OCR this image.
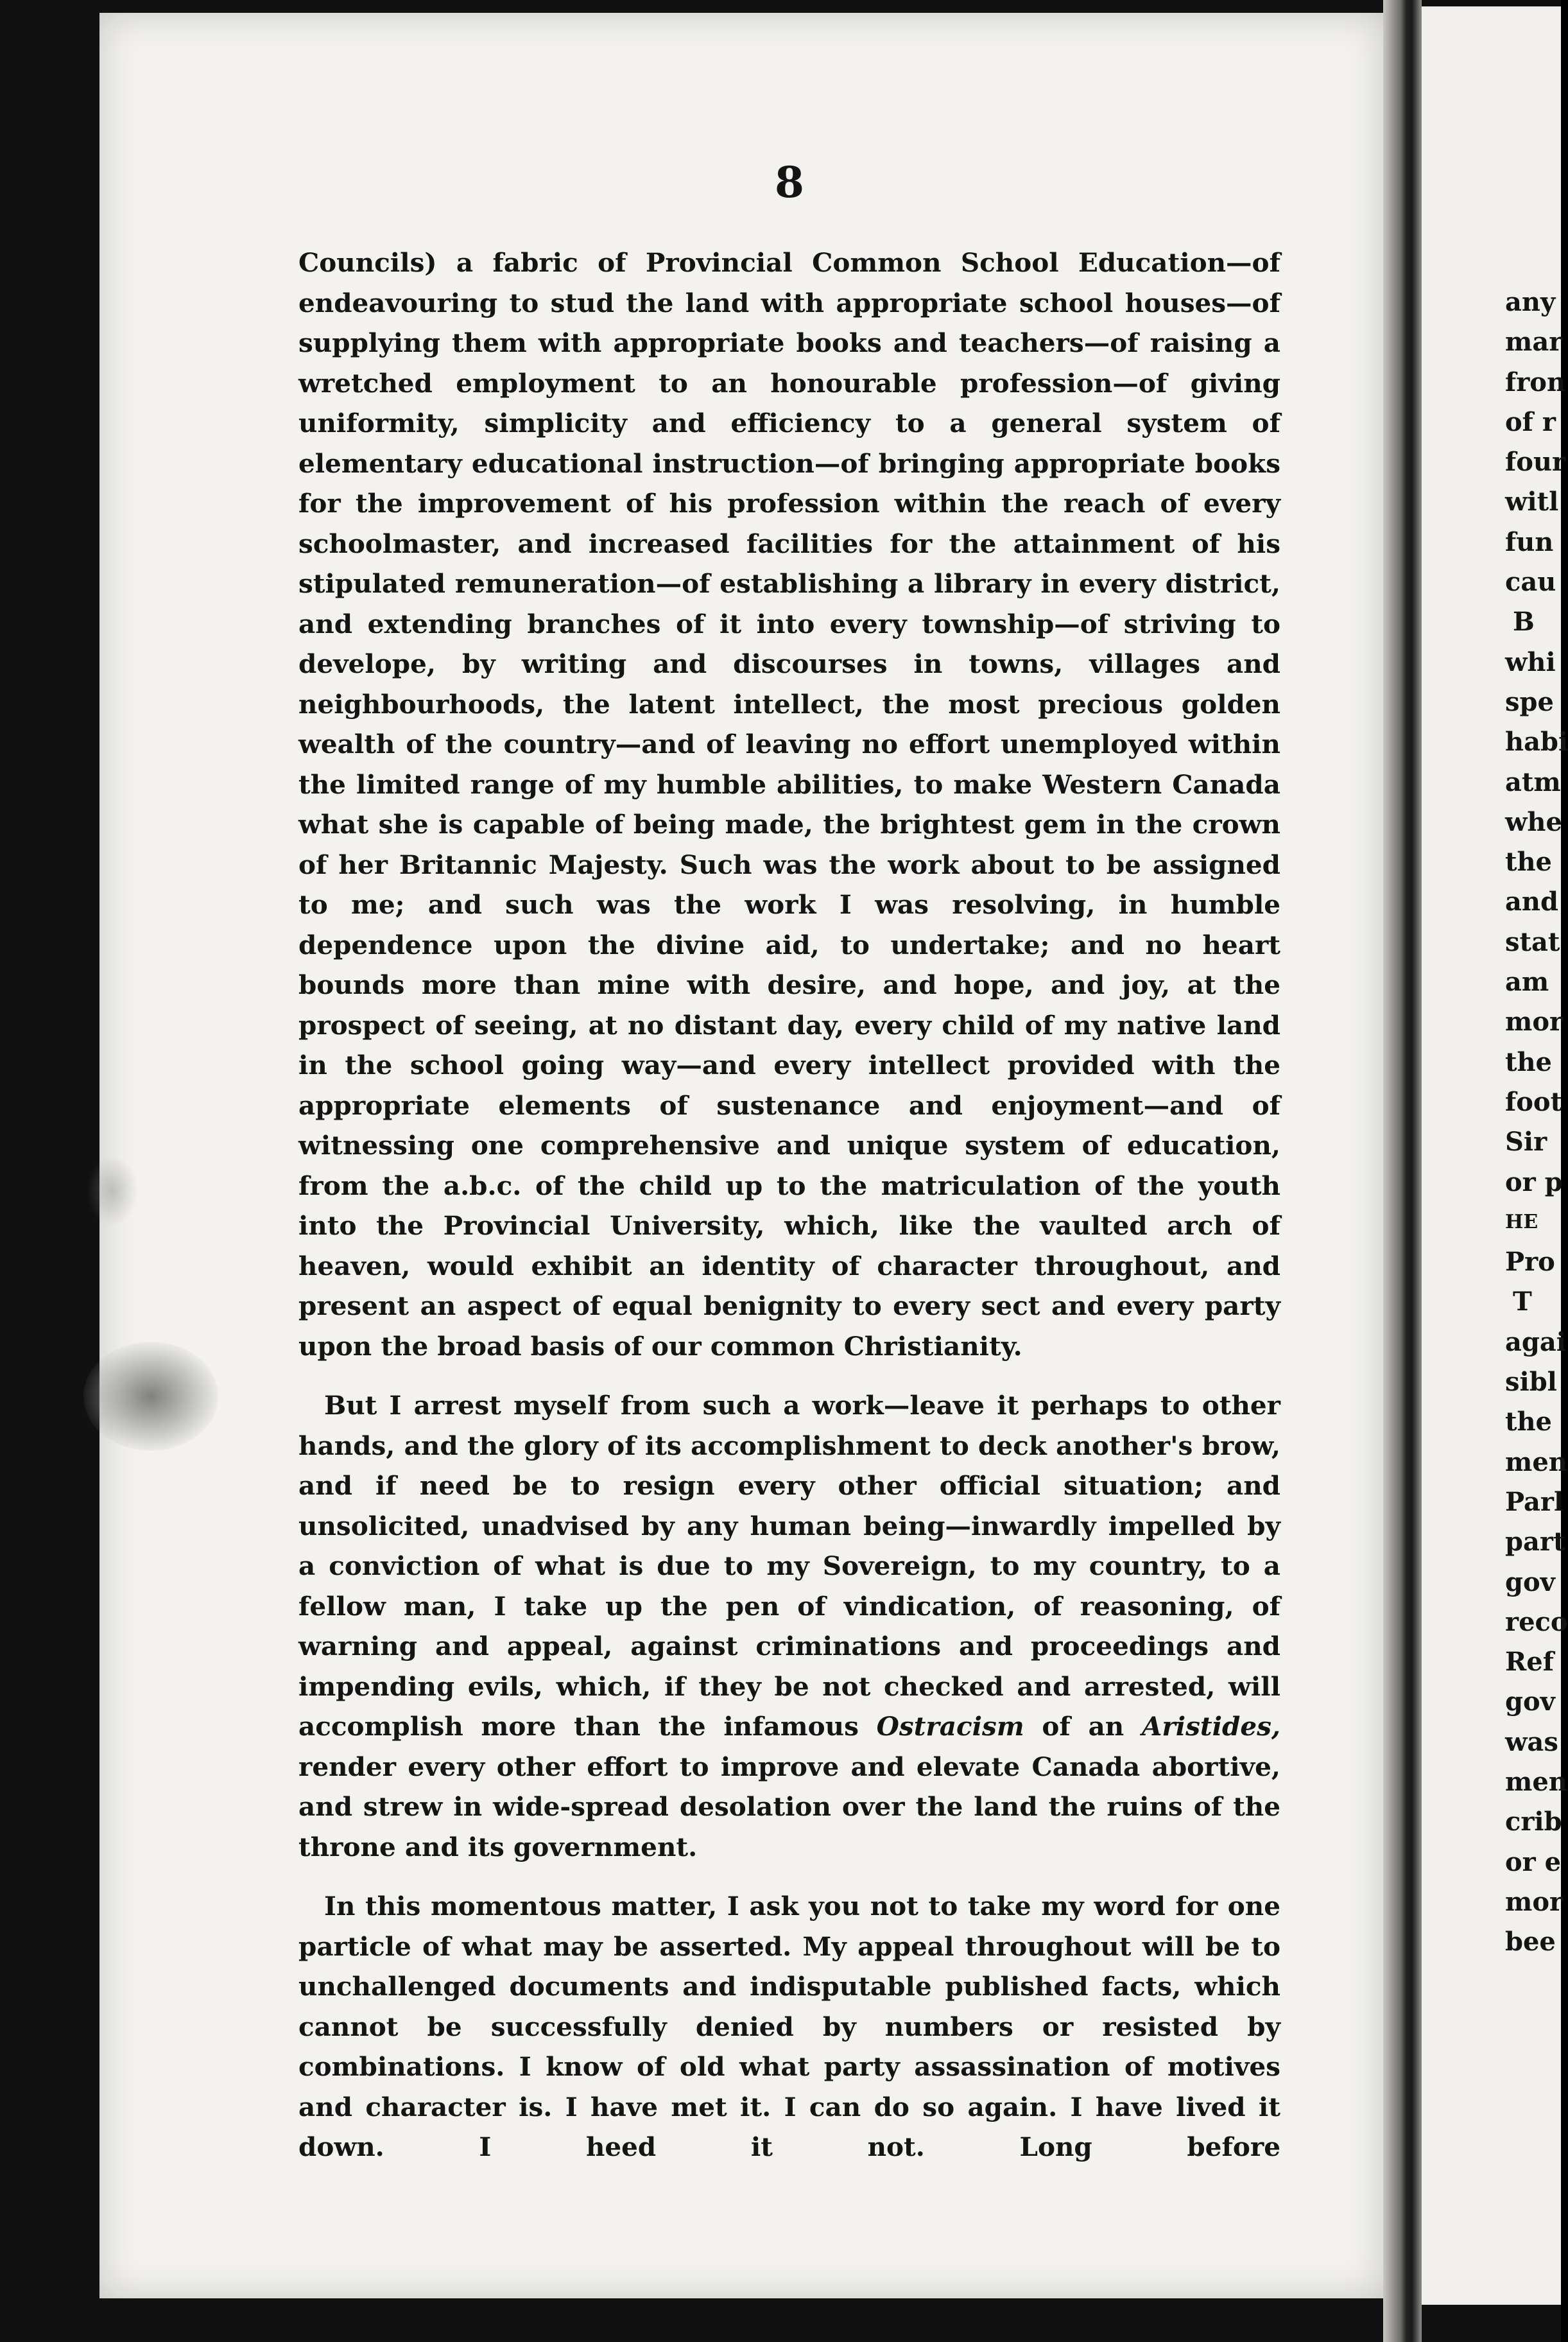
8

Councils) a fabric of Provincial Common School Education—of endeavouring to stud the land with appropriate school houses—of supplying them with appropriate books and teachers—of raising a wretched employment to an honourable profession—of giving uniformity, simplicity and efficiency to a general system of elementary educational instruction—of bringing appropriate books for the improvement of his profession within the reach of every schoolmaster, and increased facilities for the attainment of his stipulated remuneration—of establishing a library in every district, and extending branches of it into every township—of striving to develope, by writing and discourses in towns, villages and neighbourhoods, the latent intellect, the most precious golden wealth of the country—and of leaving no effort unemployed within the limited range of my humble abilities, to make Western Canada what she is capable of being made, the brightest gem in the crown of her Britannic Majesty. Such was the work about to be assigned to me; and such was the work I was resolving, in humble dependence upon the divine aid, to undertake; and no heart bounds more than mine with desire, and hope, and joy, at the prospect of seeing, at no distant day, every child of my native land in the school going way—and every intellect provided with the appropriate elements of sustenance and enjoyment—and of witnessing one comprehensive and unique system of education, from the a.b.c. of the child up to the matriculation of the youth into the Provincial University, which, like the vaulted arch of heaven, would exhibit an identity of character throughout, and present an aspect of equal benignity to every sect and every party upon the broad basis of our common Christianity.

But I arrest myself from such a work—leave it perhaps to other hands, and the glory of its accomplishment to deck another's brow, and if need be to resign every other official situation; and unsolicited, unadvised by any human being—inwardly impelled by a conviction of what is due to my Sovereign, to my country, to a fellow man, I take up the pen of vindication, of reasoning, of warning and appeal, against criminations and proceedings and impending evils, which, if they be not checked and arrested, will accomplish more than the infamous Ostracism of an Aristides, render every other effort to improve and elevate Canada abortive, and strew in wide-spread desolation over the land the ruins of the throne and its government.

In this momentous matter, I ask you not to take my word for one particle of what may be asserted. My appeal throughout will be to unchallenged documents and indisputable published facts, which cannot be successfully denied by numbers or resisted by combinations. I know of old what party assassination of motives and character is. I have met it. I can do so again. I have lived it down. I heed it not. Long before

any
mar
fron
of r
four
witl
fun
cau
B
whi
spe
habi
atm
whe
the
and
stat
am
mor
the
foot
Sir
or p
HE
Pro
T
agai
sibl
the
men
Parl
part
gov
reco
Ref
gov
was
men
crib
or e
mor
bee
